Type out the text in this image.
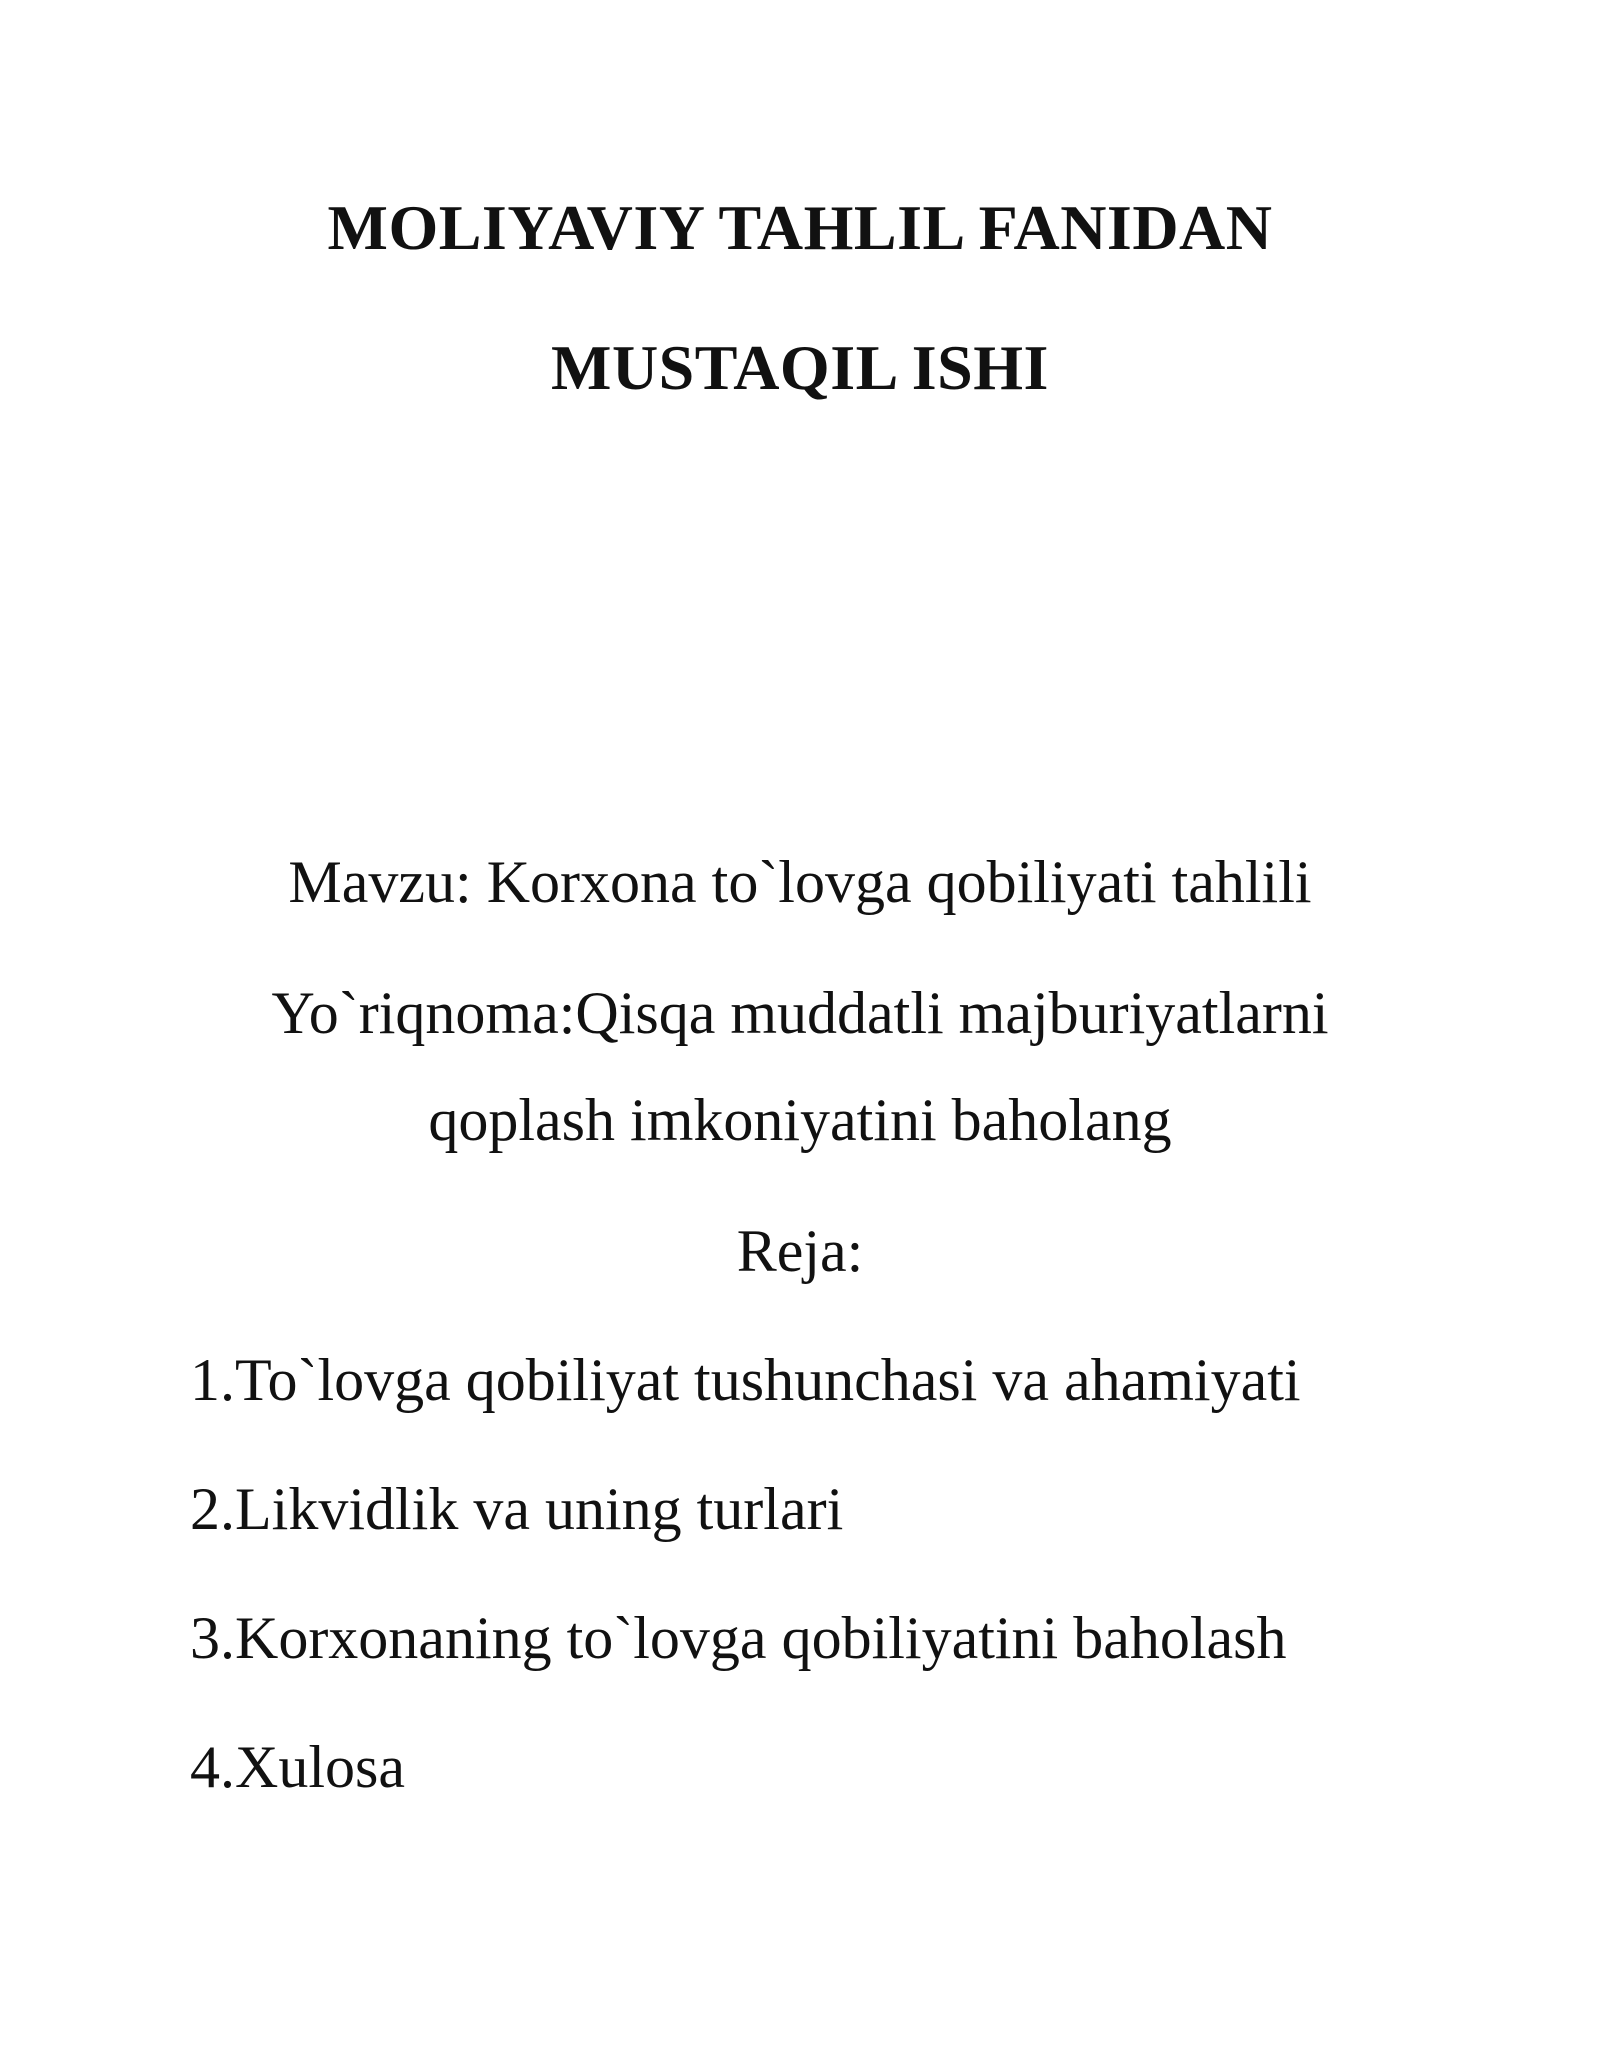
MOLIYAVIY TAHLIL FANIDAN
MUSTAQIL ISHI
Mavzu: Korxona to`lovga qobiliyati tahlili
Yo`riqnoma:Qisqa muddatli majburiyatlarni
qoplash imkoniyatini baholang
Reja:
1.To`lovga qobiliyat tushunchasi va ahamiyati
2.Likvidlik va uning turlari
3.Korxonaning to`lovga qobiliyatini baholash
4.Xulosa
